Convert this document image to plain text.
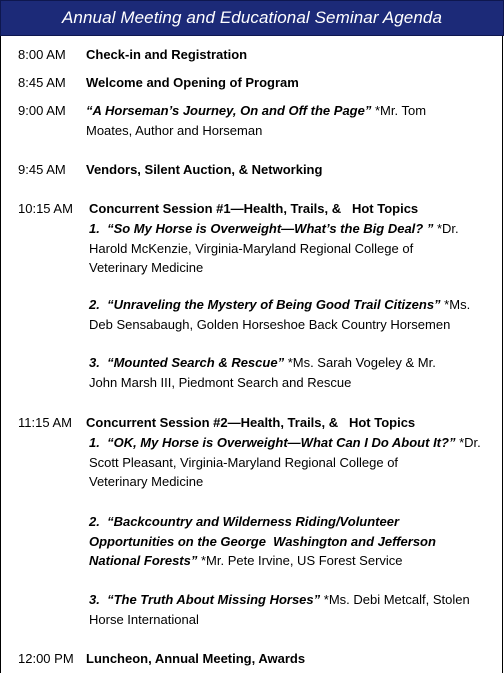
Annual Meeting and Educational Seminar Agenda
8:00 AM	Check-in and Registration
8:45 AM	Welcome and Opening of Program
9:00 AM	“A Horseman’s Journey, On and Off the Page” *Mr. Tom
Moates, Author and Horseman
9:45 AM	Vendors, Silent Auction, & Networking
10:15 AM	Concurrent Session #1—Health, Trails, &   Hot Topics
1. “So My Horse is Overweight—What’s the Big Deal? ” *Dr.
Harold McKenzie, Virginia-Maryland Regional College of
Veterinary Medicine
2. “Unraveling the Mystery of Being Good Trail Citizens” *Ms.
Deb Sensabaugh, Golden Horseshoe Back Country Horsemen
3. “Mounted Search & Rescue” *Ms. Sarah Vogeley & Mr.
John Marsh III, Piedmont Search and Rescue
11:15 AM	Concurrent Session #2—Health, Trails, &   Hot Topics
1. “OK, My Horse is Overweight—What Can I Do About It?” *Dr.
Scott Pleasant, Virginia-Maryland Regional College of
Veterinary Medicine
2. “Backcountry and Wilderness Riding/Volunteer
Opportunities on the George  Washington and Jefferson
National Forests” *Mr. Pete Irvine, US Forest Service
3. “The Truth About Missing Horses” *Ms. Debi Metcalf, Stolen
Horse International
12:00 PM Luncheon, Annual Meeting, Awards
